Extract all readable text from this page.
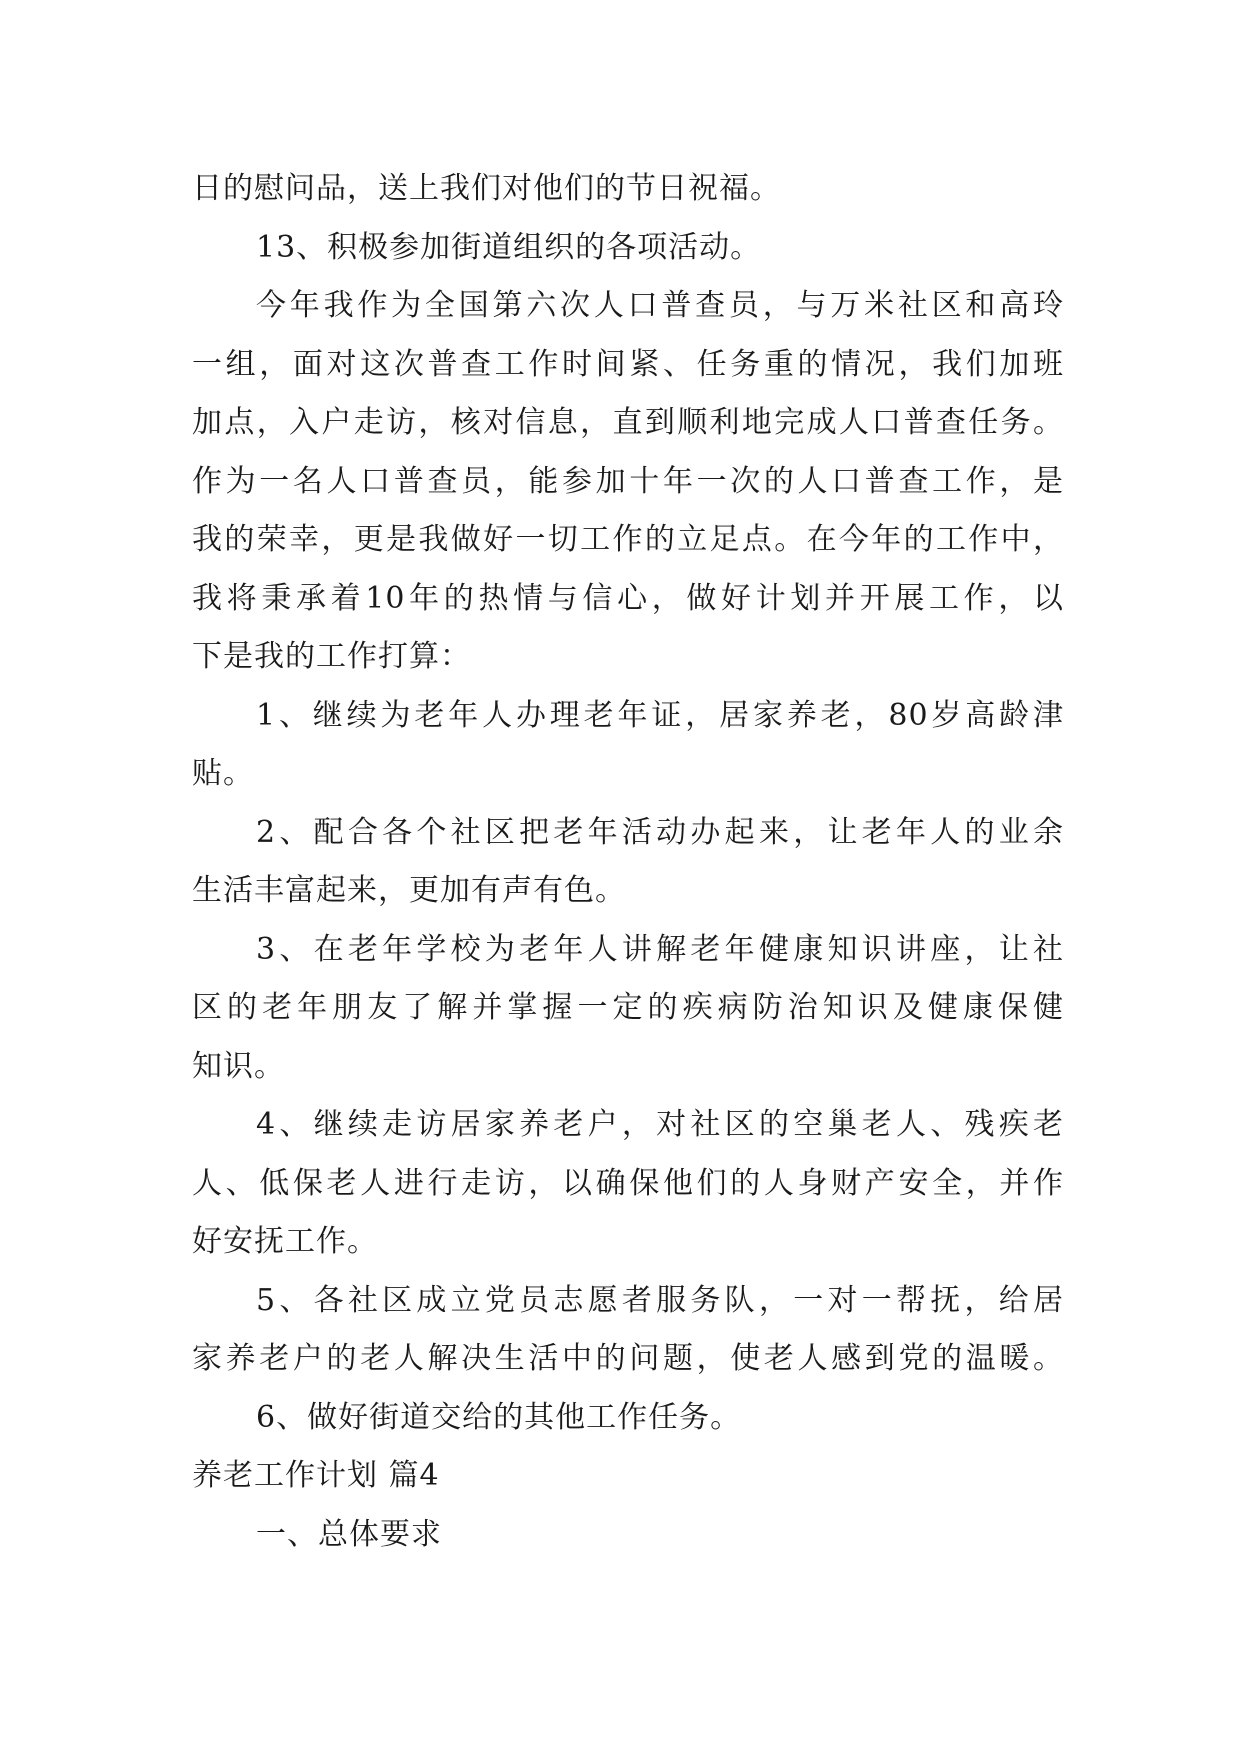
日的慰问品，送上我们对他们的节日祝福。
13、积极参加街道组织的各项活动。
今年我作为全国第六次人口普查员，与万米社区和高玲
一组，面对这次普查工作时间紧、任务重的情况，我们加班
加点，入户走访，核对信息，直到顺利地完成人口普查任务。
作为一名人口普查员，能参加十年一次的人口普查工作，是
我的荣幸，更是我做好一切工作的立足点。在今年的工作中，
我将秉承着10年的热情与信心，做好计划并开展工作，以
下是我的工作打算：
1、继续为老年人办理老年证，居家养老，80岁高龄津
贴。
2、配合各个社区把老年活动办起来，让老年人的业余
生活丰富起来，更加有声有色。
3、在老年学校为老年人讲解老年健康知识讲座，让社
区的老年朋友了解并掌握一定的疾病防治知识及健康保健
知识。
4、继续走访居家养老户，对社区的空巢老人、残疾老
人、低保老人进行走访，以确保他们的人身财产安全，并作
好安抚工作。
5、各社区成立党员志愿者服务队，一对一帮抚，给居
家养老户的老人解决生活中的问题，使老人感到党的温暖。
6、做好街道交给的其他工作任务。
养老工作计划 篇4
一、总体要求
